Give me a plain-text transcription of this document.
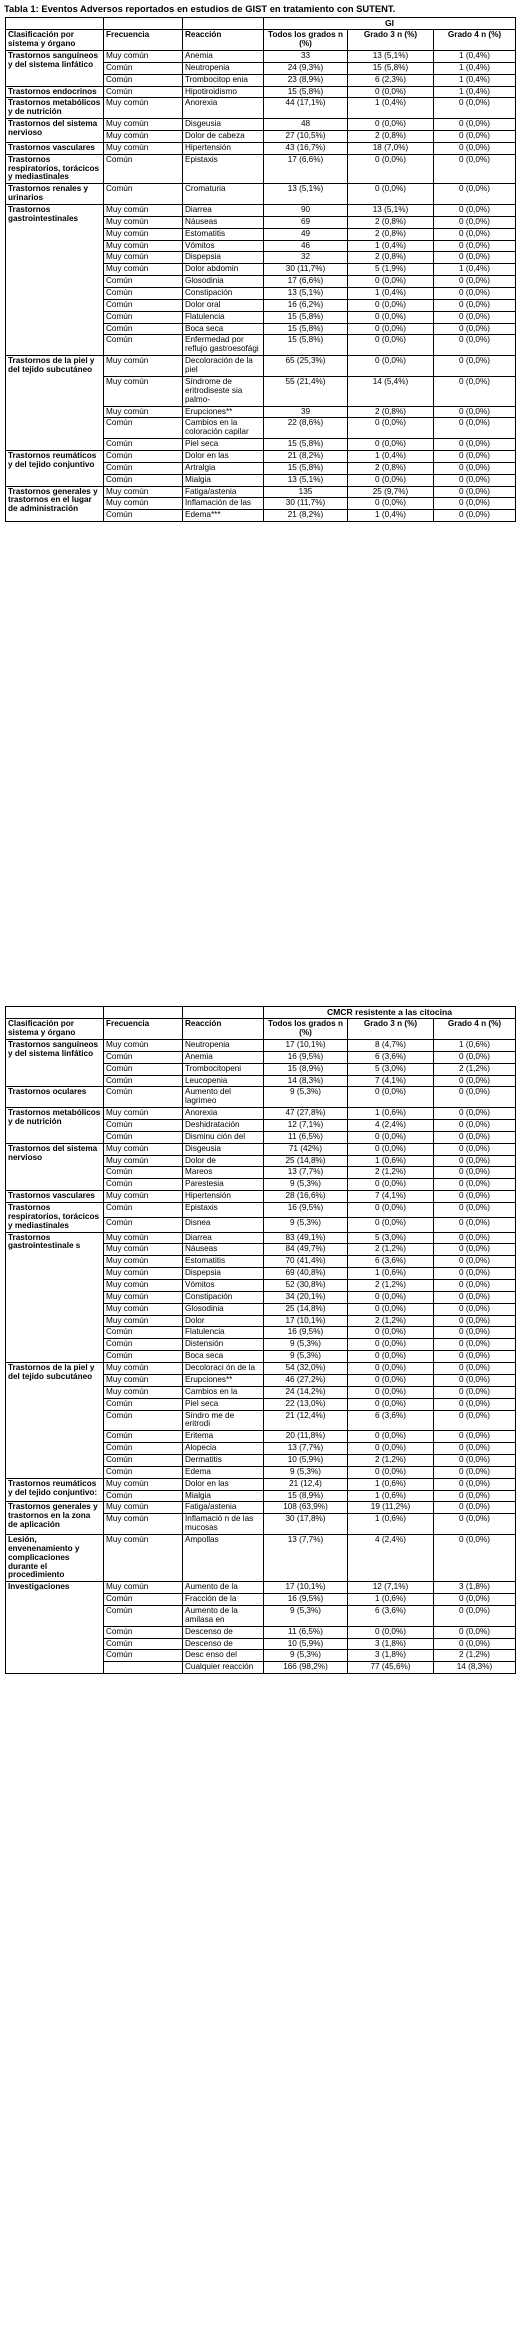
Tabla 1: Eventos Adversos reportados en estudios de GIST en tratamiento con SUTENT.
			GI		
Clasificación por sistema y órgano	Frecuencia	Reacción	Todos los grados n (%)	Grado 3 n (%)	Grado 4 n (%)
Trastornos sanguíneos y del sistema linfático	Muy común	Anemia	33	13 (5,1%)	1 (0,4%)
	Común	Neutropenia	24 (9,3%)	15 (5,8%)	1 (0,4%)
	Común	Trombocitop enia	23 (8,9%)	6 (2,3%)	1 (0,4%)
Trastornos endocrinos	Común	Hipotiroidismo	15 (5,8%)	0 (0,0%)	1 (0,4%)
Trastornos metabólicos y de nutrición	Muy común	Anorexia	44 (17,1%)	1 (0,4%)	0 (0,0%)
Trastornos del sistema nervioso	Muy común	Disgeusia	48	0 (0,0%)	0 (0,0%)
	Muy común	Dolor de cabeza	27 (10,5%)	2 (0,8%)	0 (0,0%)
Trastornos vasculares	Muy común	Hipertensión	43 (16,7%)	18 (7,0%)	0 (0,0%)
Trastornos respiratorios, torácicos y mediastinales	Común	Epistaxis	17 (6,6%)	0 (0,0%)	0 (0,0%)
Trastornos renales y urinarios	Común	Cromaturia	13 (5,1%)	0 (0,0%)	0 (0,0%)
Trastornos gastrointestinales	Muy común	Diarrea	90	13 (5,1%)	0 (0,0%)
	Muy común	Náuseas	69	2 (0,8%)	0 (0,0%)
	Muy común	Estomatitis	49	2 (0,8%)	0 (0,0%)
	Muy común	Vómitos	46	1 (0,4%)	0 (0,0%)
	Muy común	Dispepsia	32	2 (0,8%)	0 (0,0%)
	Muy común	Dolor abdomin	30 (11,7%)	5 (1,9%)	1 (0,4%)
	Común	Glosodinia	17 (6,6%)	0 (0,0%)	0 (0,0%)
	Común	Constipación	13 (5,1%)	1 (0,4%)	0 (0,0%)
	Común	Dolor oral	16 (6,2%)	0 (0,0%)	0 (0,0%)
	Común	Flatulencia	15 (5,8%)	0 (0,0%)	0 (0,0%)
	Común	Boca seca	15 (5,8%)	0 (0,0%)	0 (0,0%)
	Común	Enfermedad por reflujo gastroesofági	15 (5,8%)	0 (0,0%)	0 (0,0%)
Trastornos de la piel y del tejido subcutáneo	Muy común	Decoloración de la piel	65 (25,3%)	0 (0,0%)	0 (0,0%)
	Muy común	Síndrome de eritrodiseste sia palmo-	55 (21,4%)	14 (5,4%)	0 (0,0%)
	Muy común	Erupciones**	39	2 (0,8%)	0 (0,0%)
	Común	Cambios en la coloración capilar	22 (8,6%)	0 (0,0%)	0 (0,0%)
	Común	Piel seca	15 (5,8%)	0 (0,0%)	0 (0,0%)
Trastornos reumáticos y del tejido conjuntivo	Común	Dolor en las	21 (8,2%)	1 (0,4%)	0 (0,0%)
	Común	Artralgia	15 (5,8%)	2 (0,8%)	0 (0,0%)
	Común	Mialgia	13 (5,1%)	0 (0,0%)	0 (0,0%)
Trastornos generales y trastornos en el lugar de administración	Muy común	Fatiga/astenia	135	25 (9,7%)	0 (0,0%)
	Muy común	Inflamación de las	30 (11,7%)	0 (0,0%)	0 (0,0%)
	Común	Edema***	21 (8,2%)	1 (0,4%)	0 (0,0%)
			CMCR resistente a las citocina		
Clasificación por sistema y órgano	Frecuencia	Reacción	Todos los grados n (%)	Grado 3 n (%)	Grado 4 n (%)
Trastornos sanguíneos y del sistema linfático	Muy común	Neutropenia	17 (10,1%)	8 (4,7%)	1 (0,6%)
	Común	Anemia	16 (9,5%)	6 (3,6%)	0 (0,0%)
	Común	Trombocitopeni	15 (8,9%)	5 (3,0%)	2 (1,2%)
	Común	Leucopenia	14 (8,3%)	7 (4,1%)	0 (0,0%)
Trastornos oculares	Común	Aumento del lagrimeo	9 (5,3%)	0 (0,0%)	0 (0,0%)
Trastornos metabólicos y de nutrición	Muy común	Anorexia	47 (27,8%)	1 (0,6%)	0 (0,0%)
	Común	Deshidratación	12 (7,1%)	4 (2,4%)	0 (0,0%)
	Común	Disminu ción del	11 (6,5%)	0 (0,0%)	0 (0,0%)
Trastornos del sistema nervioso	Muy común	Disgeusia	71 (42%)	0 (0,0%)	0 (0,0%)
	Muy común	Dolor de	25 (14,8%)	1 (0,6%)	0 (0,0%)
	Común	Mareos	13 (7,7%)	2 (1,2%)	0 (0,0%)
	Común	Parestesia	9 (5,3%)	0 (0,0%)	0 (0,0%)
Trastornos vasculares	Muy común	Hipertensión	28 (16,6%)	7 (4,1%)	0 (0,0%)
Trastornos respiratorios, torácicos y mediastinales	Común	Epistaxis	16 (9,5%)	0 (0,0%)	0 (0,0%)
	Común	Disnea	9 (5,3%)	0 (0,0%)	0 (0,0%)
Trastornos gastrointestinale s	Muy común	Diarrea	83 (49,1%)	5 (3,0%)	0 (0,0%)
	Muy común	Náuseas	84 (49,7%)	2 (1,2%)	0 (0,0%)
	Muy común	Estomatitis	70 (41,4%)	6 (3,6%)	0 (0,0%)
	Muy común	Dispepsia	69 (40,8%)	1 (0,6%)	0 (0,0%)
	Muy común	Vómitos	52 (30,8%)	2 (1,2%)	0 (0,0%)
	Muy común	Constipación	34 (20,1%)	0 (0,0%)	0 (0,0%)
	Muy común	Glosodinia	25 (14,8%)	0 (0,0%)	0 (0,0%)
	Muy común	Dolor	17 (10,1%)	2 (1,2%)	0 (0,0%)
	Común	Flatulencia	16 (9,5%)	0 (0,0%)	0 (0,0%)
	Común	Distensión	9 (5,3%)	0 (0,0%)	0 (0,0%)
	Común	Boca seca	9 (5,3%)	0 (0,0%)	0 (0,0%)
Trastornos de la piel y del tejido subcutáneo	Muy común	Decoloraci ón de la	54 (32,0%)	0 (0,0%)	0 (0,0%)
	Muy común	Erupciones**	46 (27,2%)	0 (0,0%)	0 (0,0%)
	Muy común	Cambios en la	24 (14,2%)	0 (0,0%)	0 (0,0%)
	Común	Piel seca	22 (13,0%)	0 (0,0%)	0 (0,0%)
	Común	Síndro me de eritrodi	21 (12,4%)	6 (3,6%)	0 (0,0%)
	Común	Eritema	20 (11,8%)	0 (0,0%)	0 (0,0%)
	Común	Alopecia	13 (7,7%)	0 (0,0%)	0 (0,0%)
	Común	Dermatitis	10 (5,9%)	2 (1,2%)	0 (0,0%)
	Común	Edema	9 (5,3%)	0 (0,0%)	0 (0,0%)
Trastornos reumáticos y del tejido conjuntivo:	Muy común	Dolor en las	21 (12,4)	1 (0,6%)	0 (0,0%)
	Común	Mialgia	15 (8,9%)	1 (0,6%)	0 (0,0%)
Trastornos generales y trastornos en la zona de aplicación	Muy común	Fatiga/astenia	108 (63,9%)	19 (11,2%)	0 (0,0%)
	Muy común	Inflamació n de las mucosas	30 (17,8%)	1 (0,6%)	0 (0,0%)
Lesión, envenenamiento y complicaciones durante el procedimiento	Muy común	Ampollas	13 (7,7%)	4 (2,4%)	0 (0,0%)
Investigaciones	Muy común	Aumento de la	17 (10,1%)	12 (7,1%)	3 (1,8%)
	Común	Fracción de la	16 (9,5%)	1 (0,6%)	0 (0,0%)
	Común	Aumento de la amilasa en	9 (5,3%)	6 (3,6%)	0 (0,0%)
	Común	Descenso de	11 (6,5%)	0 (0,0%)	0 (0,0%)
	Común	Descenso de	10 (5,9%)	3 (1,8%)	0 (0,0%)
	Común	Desc enso del	9 (5,3%)	3 (1,8%)	2 (1,2%)
		Cualquier reacción	166 (98,2%)	77 (45,6%)	14 (8,3%)
